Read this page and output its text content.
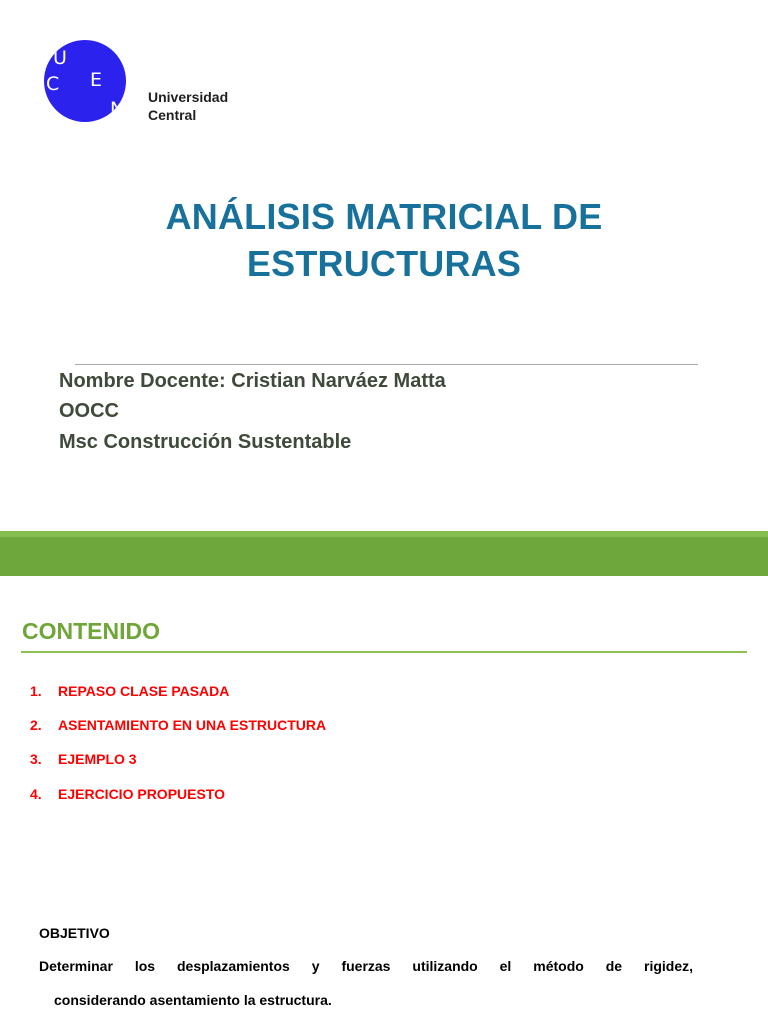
U
C E
N
Universidad
Central
ANÁLISIS MATRICIAL DE
ESTRUCTURAS
Nombre Docente: Cristian Narváez Matta
OOCC
Msc Construcción Sustentable
CONTENIDO
1. REPASO CLASE PASADA
2. ASENTAMIENTO EN UNA ESTRUCTURA
3. EJEMPLO 3
4. EJERCICIO PROPUESTO
OBJETIVO
Determinar los desplazamientos y fuerzas utilizando el método de rigidez,
considerando asentamiento la estructura.
